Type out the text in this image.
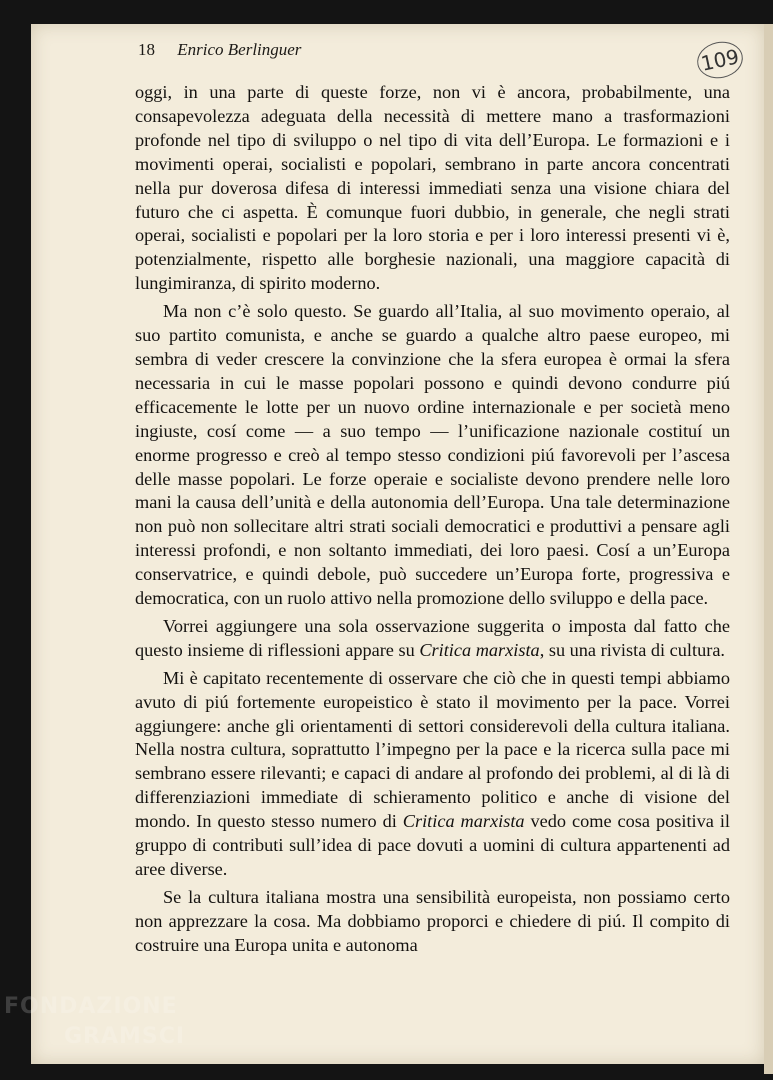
18 Enrico Berlinguer	109

oggi, in una parte di queste forze, non vi è ancora, probabilmente, una consapevolezza adeguata della necessità di mettere mano a trasformazioni profonde nel tipo di sviluppo o nel tipo di vita dell’Europa. Le formazioni e i movimenti operai, socialisti e popolari, sembrano in parte ancora concentrati nella pur doverosa difesa di interessi immediati senza una visione chiara del futuro che ci aspetta. È comunque fuori dubbio, in generale, che negli strati operai, socialisti e popolari per la loro storia e per i loro interessi presenti vi è, potenzialmente, rispetto alle borghesie nazionali, una maggiore capacità di lungimiranza, di spirito moderno.

Ma non c’è solo questo. Se guardo all’Italia, al suo movimento operaio, al suo partito comunista, e anche se guardo a qualche altro paese europeo, mi sembra di veder crescere la convinzione che la sfera europea è ormai la sfera necessaria in cui le masse popolari possono e quindi devono condurre piú efficacemente le lotte per un nuovo ordine internazionale e per società meno ingiuste, cosí come — a suo tempo — l’unificazione nazionale costituí un enorme progresso e creò al tempo stesso condizioni piú favorevoli per l’ascesa delle masse popolari. Le forze operaie e socialiste devono prendere nelle loro mani la causa dell’unità e della autonomia dell’Europa. Una tale determinazione non può non sollecitare altri strati sociali democratici e produttivi a pensare agli interessi profondi, e non soltanto immediati, dei loro paesi. Cosí a un’Europa conservatrice, e quindi debole, può succedere un’Europa forte, progressiva e democratica, con un ruolo attivo nella promozione dello sviluppo e della pace.

Vorrei aggiungere una sola osservazione suggerita o imposta dal fatto che questo insieme di riflessioni appare su Critica marxista, su una rivista di cultura.

Mi è capitato recentemente di osservare che ciò che in questi tempi abbiamo avuto di piú fortemente europeistico è stato il movimento per la pace. Vorrei aggiungere: anche gli orientamenti di settori considerevoli della cultura italiana. Nella nostra cultura, soprattutto l’impegno per la pace e la ricerca sulla pace mi sembrano essere rilevanti; e capaci di andare al profondo dei problemi, al di là di differenziazioni immediate di schieramento politico e anche di visione del mondo. In questo stesso numero di Critica marxista vedo come cosa positiva il gruppo di contributi sull’idea di pace dovuti a uomini di cultura appartenenti ad aree diverse.

Se la cultura italiana mostra una sensibilità europeista, non possiamo certo non apprezzare la cosa. Ma dobbiamo proporci e chiedere di piú. Il compito di costruire una Europa unita e autonoma

FONDAZIONE
GRAMSCI
